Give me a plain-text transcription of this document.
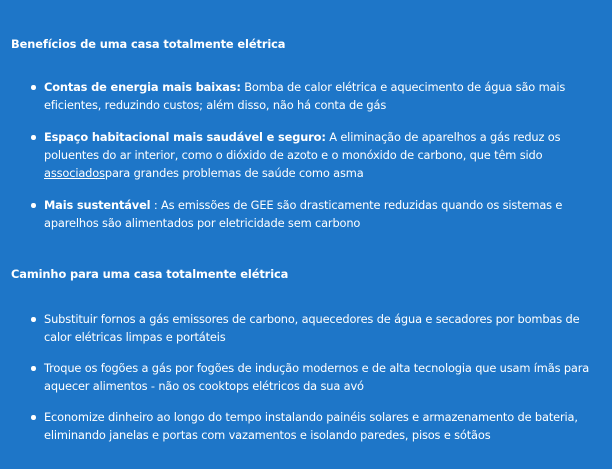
Benefícios de uma casa totalmente elétrica
Contas de energia mais baixas: Bomba de calor elétrica e aquecimento de água são mais eficientes, reduzindo custos; além disso, não há conta de gás
Espaço habitacional mais saudável e seguro: A eliminação de aparelhos a gás reduz os poluentes do ar interior, como o dióxido de azoto e o monóxido de carbono, que têm sido associadospara grandes problemas de saúde como asma
Mais sustentável : As emissões de GEE são drasticamente reduzidas quando os sistemas e aparelhos são alimentados por eletricidade sem carbono
Caminho para uma casa totalmente elétrica
Substituir fornos a gás emissores de carbono, aquecedores de água e secadores por bombas de calor elétricas limpas e portáteis
Troque os fogões a gás por fogões de indução modernos e de alta tecnologia que usam ímãs para aquecer alimentos - não os cooktops elétricos da sua avó
Economize dinheiro ao longo do tempo instalando painéis solares e armazenamento de bateria, eliminando janelas e portas com vazamentos e isolando paredes, pisos e sótãos
